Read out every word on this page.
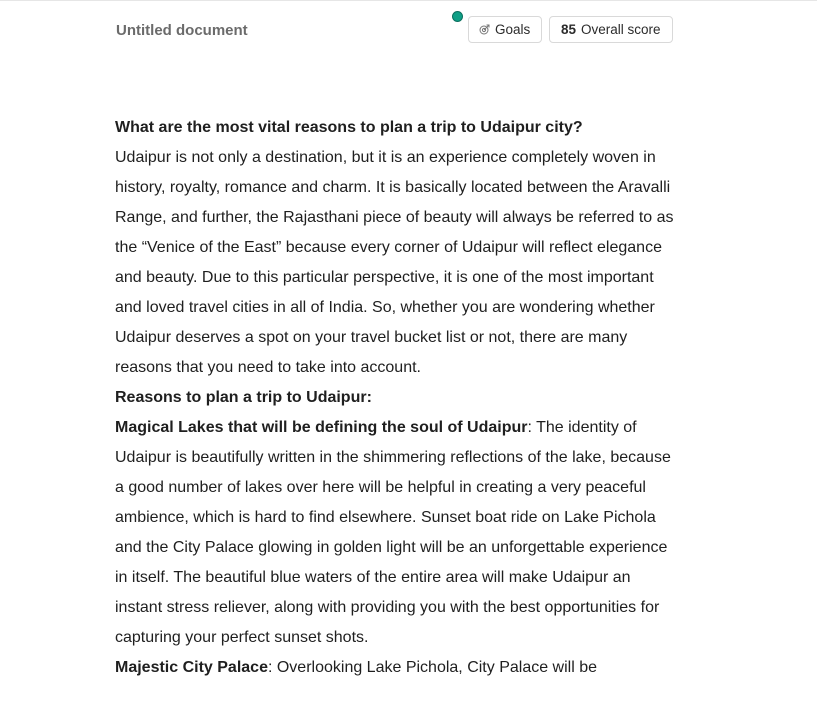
Untitled document	Goals 85 Overall score

What are the most vital reasons to plan a trip to Udaipur city?

Udaipur is not only a destination, but it is an experience completely woven in history, royalty, romance and charm. It is basically located between the Aravalli Range, and further, the Rajasthani piece of beauty will always be referred to as the “Venice of the East” because every corner of Udaipur will reflect elegance and beauty. Due to this particular perspective, it is one of the most important and loved travel cities in all of India. So, whether you are wondering whether Udaipur deserves a spot on your travel bucket list or not, there are many reasons that you need to take into account.

Reasons to plan a trip to Udaipur:

Magical Lakes that will be defining the soul of Udaipur: The identity of Udaipur is beautifully written in the shimmering reflections of the lake, because a good number of lakes over here will be helpful in creating a very peaceful ambience, which is hard to find elsewhere. Sunset boat ride on Lake Pichola and the City Palace glowing in golden light will be an unforgettable experience in itself. The beautiful blue waters of the entire area will make Udaipur an instant stress reliever, along with providing you with the best opportunities for capturing your perfect sunset shots.

Majestic City Palace: Overlooking Lake Pichola, City Palace will be
